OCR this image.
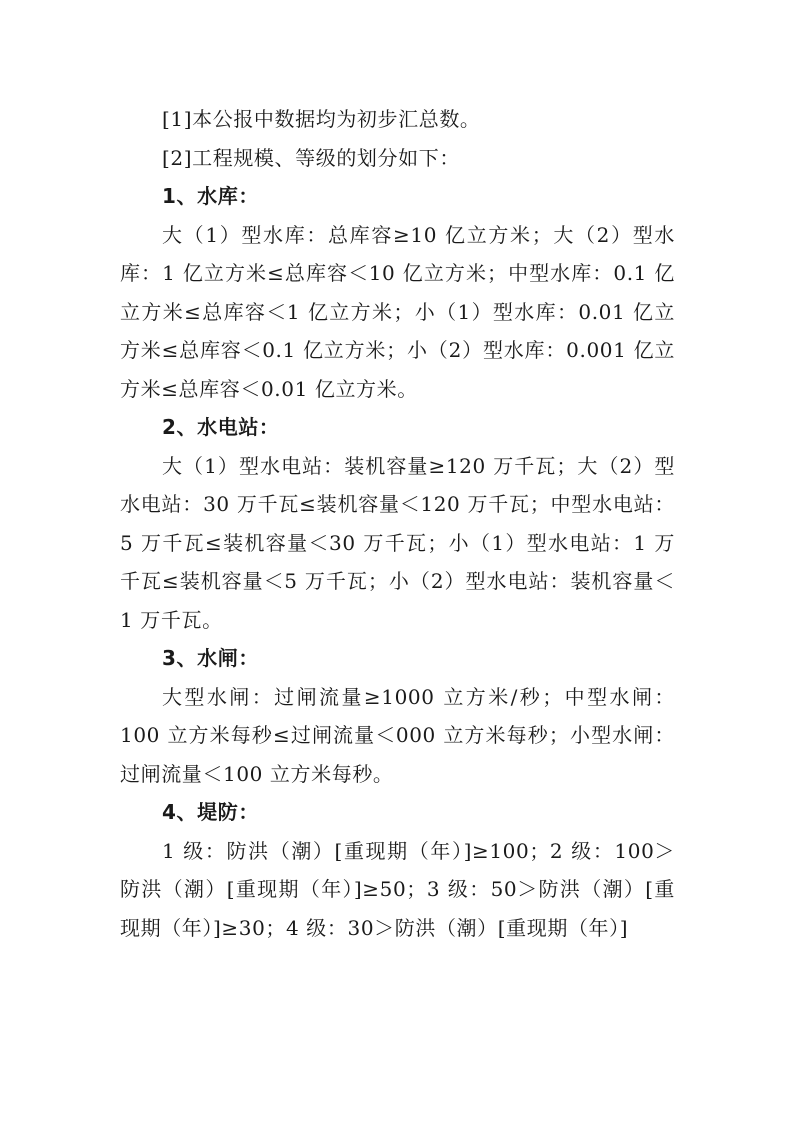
[1]本公报中数据均为初步汇总数。

[2]工程规模、等级的划分如下：

1、水库：

大（1）型水库：总库容≥10 亿立方米；大（2）型水库：1 亿立方米≤总库容＜10 亿立方米；中型水库：0.1 亿立方米≤总库容＜1 亿立方米；小（1）型水库：0.01 亿立方米≤总库容＜0.1 亿立方米；小（2）型水库：0.001 亿立方米≤总库容＜0.01 亿立方米。

2、水电站：

大（1）型水电站：装机容量≥120 万千瓦；大（2）型水电站：30 万千瓦≤装机容量＜120 万千瓦；中型水电站：5 万千瓦≤装机容量＜30 万千瓦；小（1）型水电站：1 万千瓦≤装机容量＜5 万千瓦；小（2）型水电站：装机容量＜1 万千瓦。

3、水闸：

大型水闸：过闸流量≥1000 立方米/秒；中型水闸：100 立方米每秒≤过闸流量＜000 立方米每秒；小型水闸：过闸流量＜100 立方米每秒。

4、堤防：

1 级：防洪（潮）[重现期（年）]≥100；2 级：100＞防洪（潮）[重现期（年）]≥50；3 级：50＞防洪（潮）[重现期（年）]≥30；4 级：30＞防洪（潮）[重现期（年）]
